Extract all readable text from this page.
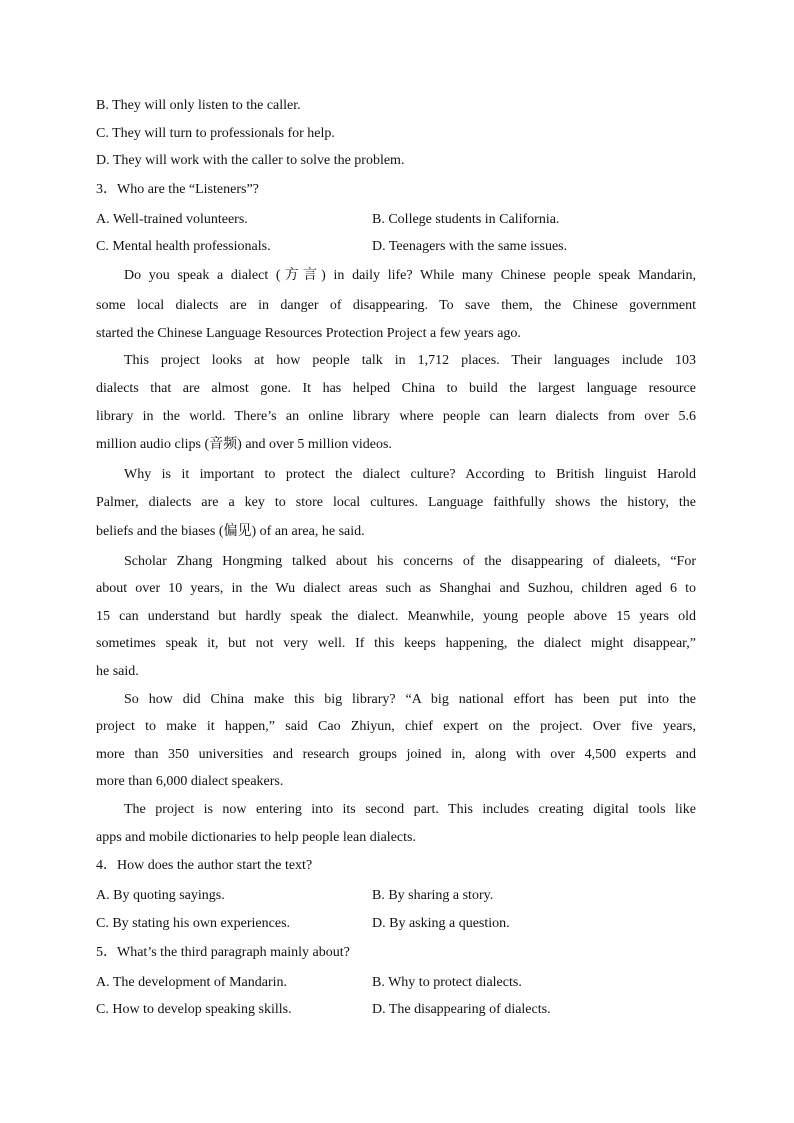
B. They will only listen to the caller.
C. They will turn to professionals for help.
D. They will work with the caller to solve the problem.
3．Who are the “Listeners”?
A. Well-trained volunteers.	B. College students in California.
C. Mental health professionals.	D. Teenagers with the same issues.
Do you speak a dialect (方言) in daily life? While many Chinese people speak Mandarin,
some local dialects are in danger of disappearing. To save them, the Chinese government
started the Chinese Language Resources Protection Project a few years ago.
This project looks at how people talk in 1,712 places. Their languages include 103
dialects that are almost gone. It has helped China to build the largest language resource
library in the world. There’s an online library where people can learn dialects from over 5.6
million audio clips (音频) and over 5 million videos.
Why is it important to protect the dialect culture? According to British linguist Harold
Palmer, dialects are a key to store local cultures. Language faithfully shows the history, the
beliefs and the biases (偏见) of an area, he said.
Scholar Zhang Hongming talked about his concerns of the disappearing of dialeets, “For
about over 10 years, in the Wu dialect areas such as Shanghai and Suzhou, children aged 6 to
15 can understand but hardly speak the dialect. Meanwhile, young people above 15 years old
sometimes speak it, but not very well. If this keeps happening, the dialect might disappear,”
he said.
So how did China make this big library? “A big national effort has been put into the
project to make it happen,” said Cao Zhiyun, chief expert on the project. Over five years,
more than 350 universities and research groups joined in, along with over 4,500 experts and
more than 6,000 dialect speakers.
The project is now entering into its second part. This includes creating digital tools like
apps and mobile dictionaries to help people lean dialects.
4．How does the author start the text?
A. By quoting sayings.	B. By sharing a story.
C. By stating his own experiences.	D. By asking a question.
5．What’s the third paragraph mainly about?
A. The development of Mandarin.	B. Why to protect dialects.
C. How to develop speaking skills.	D. The disappearing of dialects.
